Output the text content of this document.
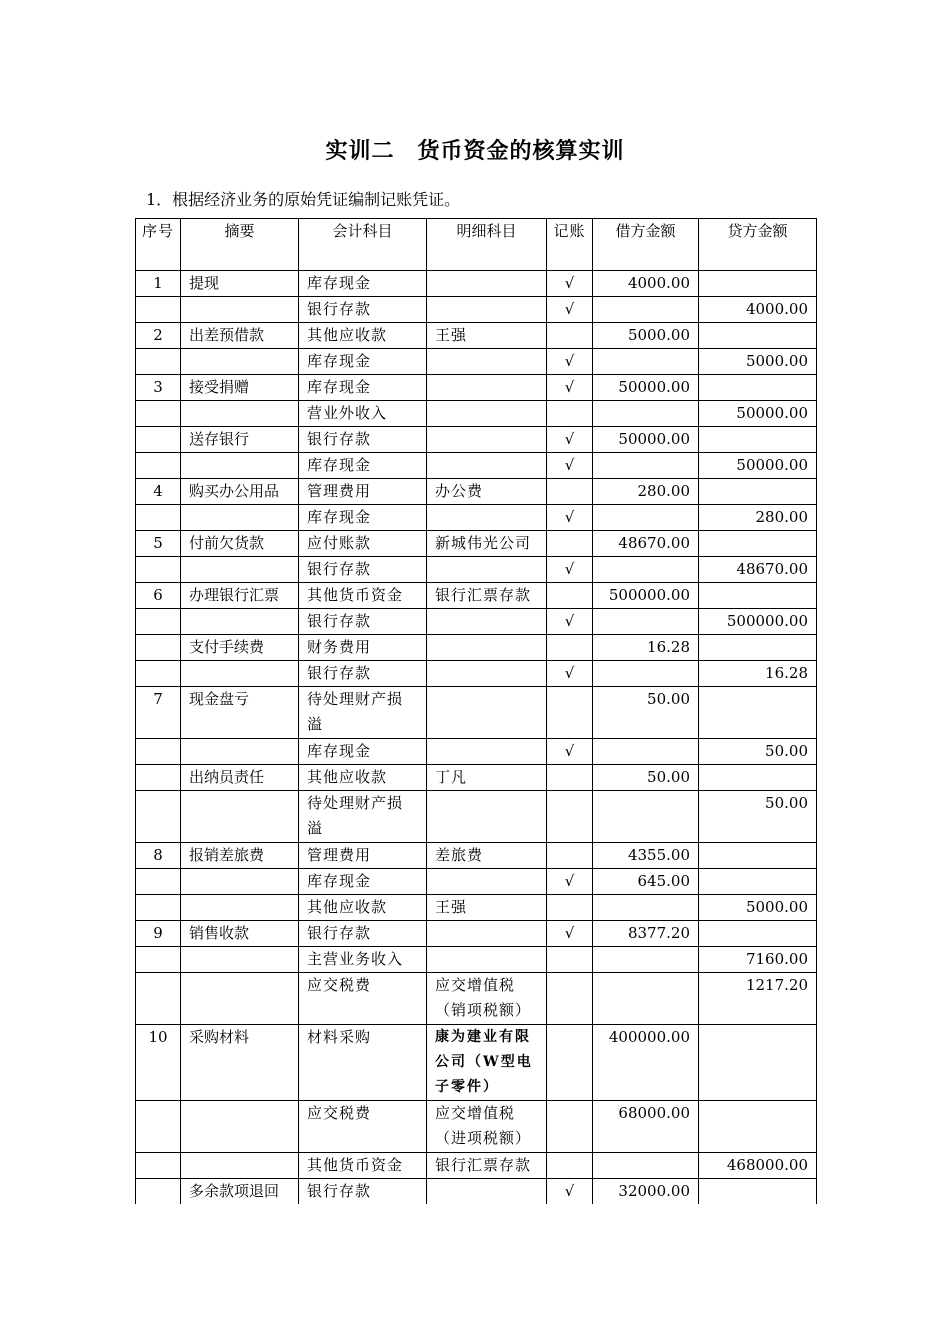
实训二　货币资金的核算实训
1．根据经济业务的原始凭证编制记账凭证。
序号	摘要	会计科目	明细科目	记账	借方金额	贷方金额
1	提现	库存现金		√	4000.00	
		银行存款		√		4000.00
2	出差预借款	其他应收款	王强		5000.00	
		库存现金		√		5000.00
3	接受捐赠	库存现金		√	50000.00	
		营业外收入				50000.00
	送存银行	银行存款		√	50000.00	
		库存现金		√		50000.00
4	购买办公用品	管理费用	办公费		280.00	
		库存现金		√		280.00
5	付前欠货款	应付账款	新城伟光公司		48670.00	
		银行存款		√		48670.00
6	办理银行汇票	其他货币资金	银行汇票存款		500000.00	
		银行存款		√		500000.00
	支付手续费	财务费用			16.28	
		银行存款		√		16.28
7	现金盘亏	待处理财产损溢			50.00	
		库存现金		√		50.00
	出纳员责任	其他应收款	丁凡		50.00	
		待处理财产损溢				50.00
8	报销差旅费	管理费用	差旅费		4355.00	
		库存现金		√	645.00	
		其他应收款	王强			5000.00
9	销售收款	银行存款		√	8377.20	
		主营业务收入				7160.00
		应交税费	应交增值税（销项税额）			1217.20
10	采购材料	材料采购	康为建业有限公司（W型电子零件）		400000.00	
		应交税费	应交增值税（进项税额）		68000.00	
		其他货币资金	银行汇票存款			468000.00
	多余款项退回	银行存款		√	32000.00	
